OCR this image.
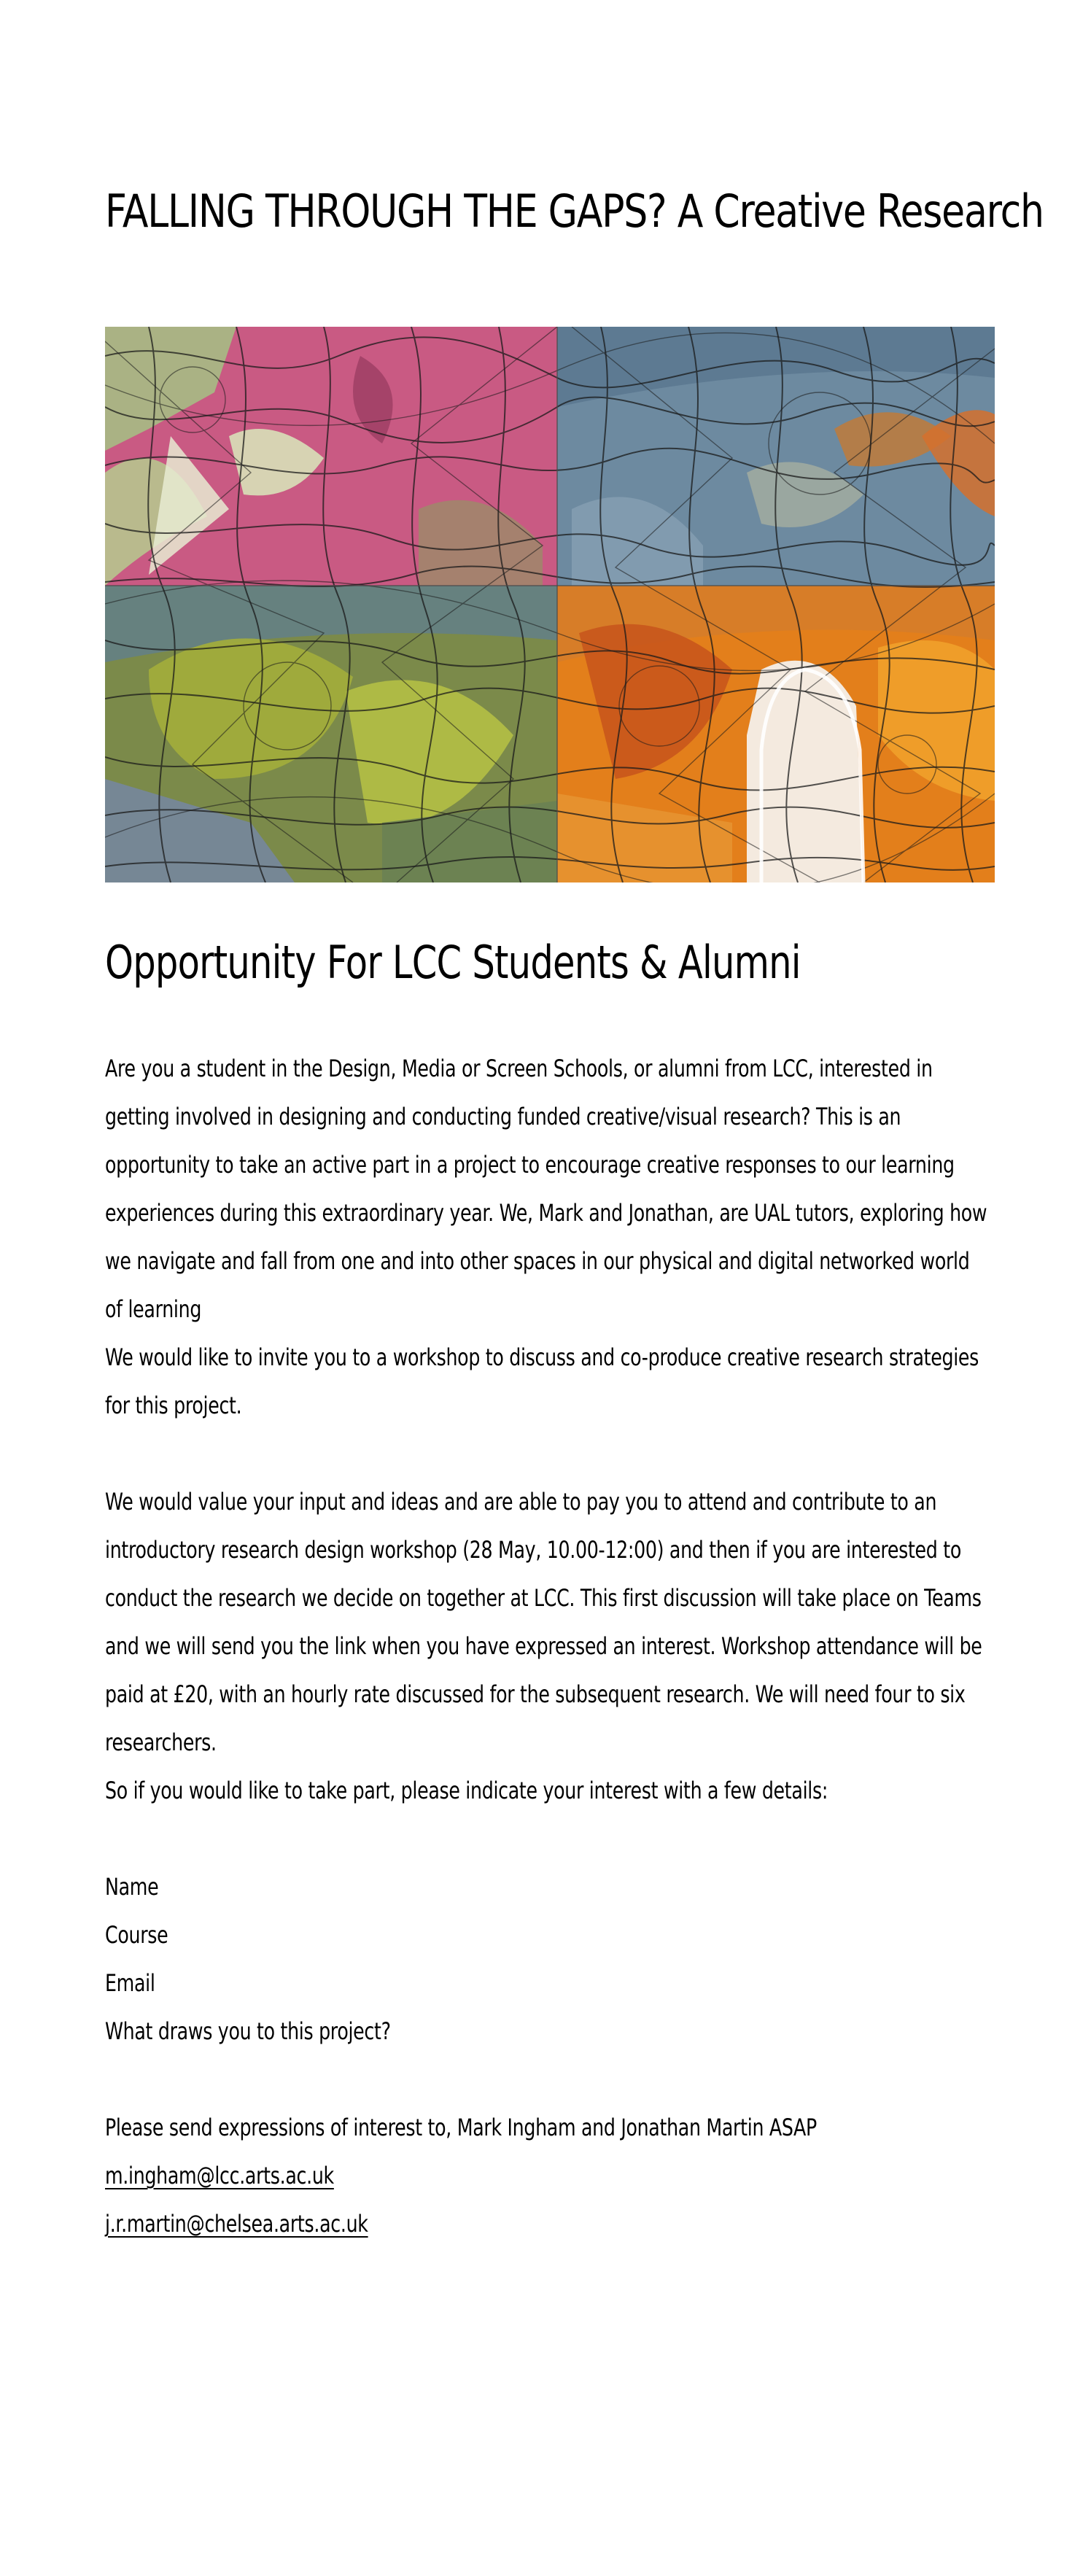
FALLING THROUGH THE GAPS? A Creative Research
Opportunity For LCC Students & Alumni

Are you a student in the Design, Media or Screen Schools, or alumni from LCC, interested in getting involved in designing and conducting funded creative/visual research? This is an opportunity to take an active part in a project to encourage creative responses to our learning experiences during this extraordinary year. We, Mark and Jonathan, are UAL tutors, exploring how we navigate and fall from one and into other spaces in our physical and digital networked world of learning

We would like to invite you to a workshop to discuss and co-produce creative research strategies for this project.

We would value your input and ideas and are able to pay you to attend and contribute to an introductory research design workshop (28 May, 10.00-12:00) and then if you are interested to conduct the research we decide on together at LCC. This first discussion will take place on Teams and we will send you the link when you have expressed an interest. Workshop attendance will be paid at £20, with an hourly rate discussed for the subsequent research. We will need four to six researchers.

So if you would like to take part, please indicate your interest with a few details:

Name
Course
Email
What draws you to this project?
Please send expressions of interest to, Mark Ingham and Jonathan Martin ASAP
m.ingham@lcc.arts.ac.uk
j.r.martin@chelsea.arts.ac.uk
